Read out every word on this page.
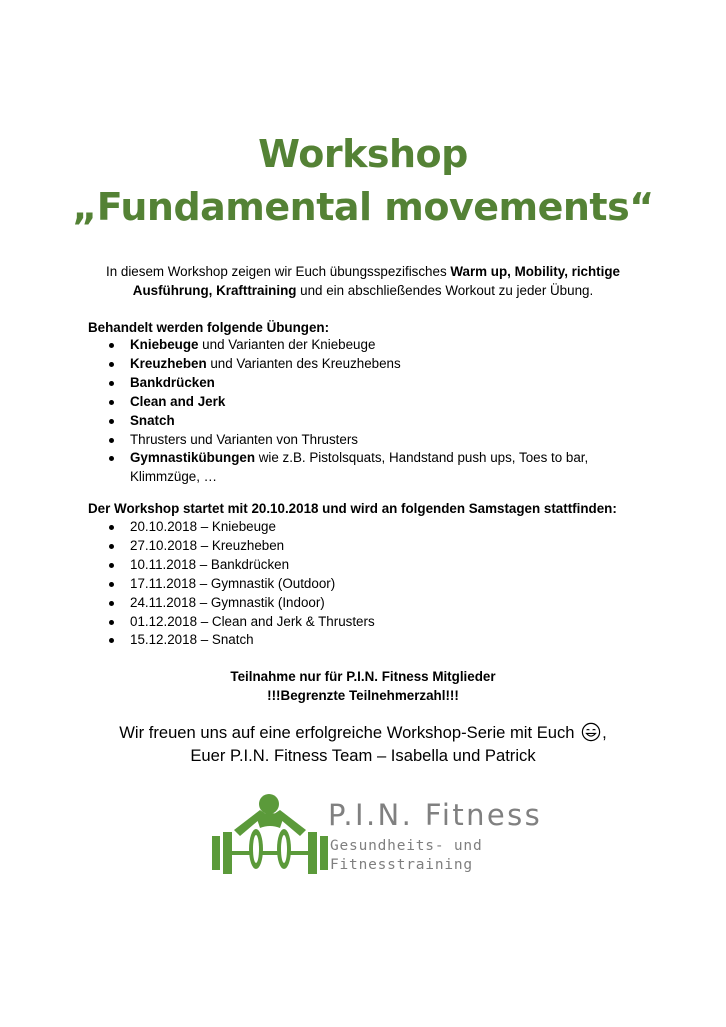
Workshop
„Fundamental movements“
In diesem Workshop zeigen wir Euch übungsspezifisches Warm up, Mobility, richtige Ausführung, Krafttraining und ein abschließendes Workout zu jeder Übung.
Behandelt werden folgende Übungen:
Kniebeuge und Varianten der Kniebeuge
Kreuzheben und Varianten des Kreuzhebens
Bankdrücken
Clean and Jerk
Snatch
Thrusters und Varianten von Thrusters
Gymnastikübungen wie z.B. Pistolsquats, Handstand push ups, Toes to bar, Klimmzüge, …
Der Workshop startet mit 20.10.2018 und wird an folgenden Samstagen stattfinden:
20.10.2018 – Kniebeuge
27.10.2018 – Kreuzheben
10.11.2018 – Bankdrücken
17.11.2018 – Gymnastik (Outdoor)
24.11.2018 – Gymnastik (Indoor)
01.12.2018 – Clean and Jerk & Thrusters
15.12.2018 – Snatch
Teilnahme nur für P.I.N. Fitness Mitglieder
!!!Begrenzte Teilnehmerzahl!!!
Wir freuen uns auf eine erfolgreiche Workshop-Serie mit Euch ,
Euer P.I.N. Fitness Team – Isabella und Patrick
P.I.N. Fitness
Gesundheits- und
Fitnesstraining
